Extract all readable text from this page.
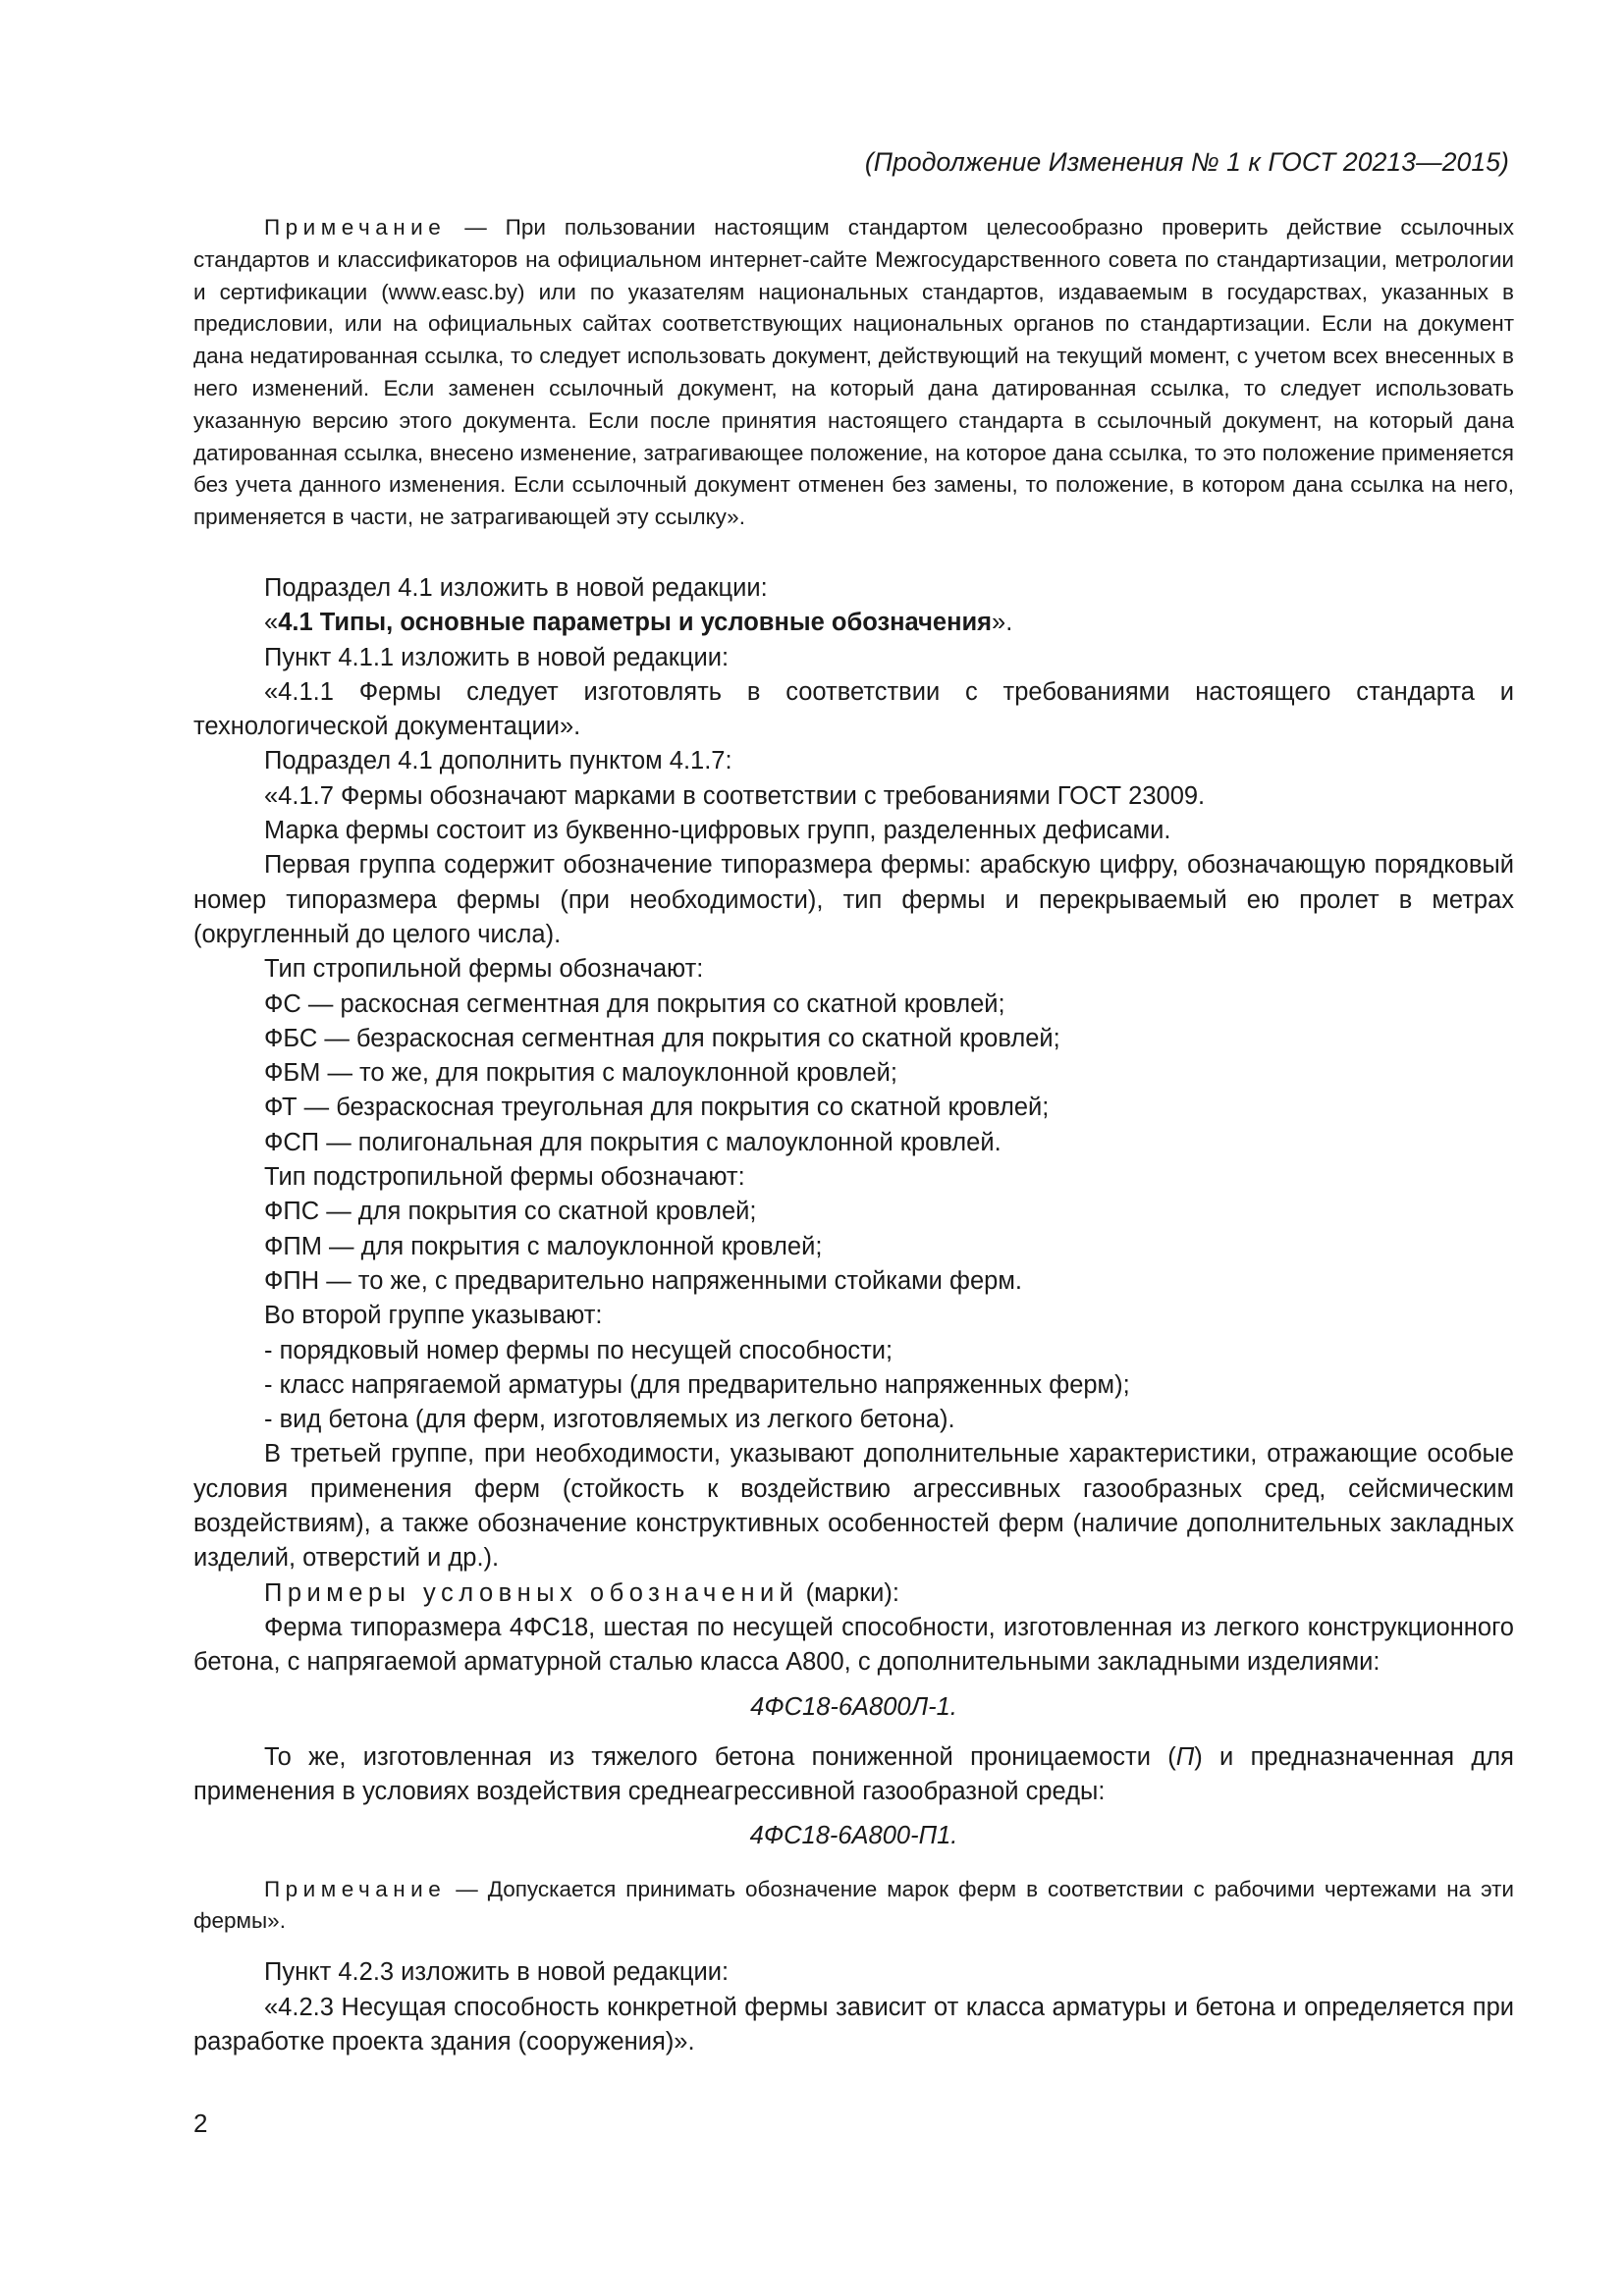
(Продолжение Изменения № 1 к ГОСТ 20213—2015)

Примечание — При пользовании настоящим стандартом целесообразно проверить действие ссылочных стандартов и классификаторов на официальном интернет-сайте Межгосударственного совета по стандартизации, метрологии и сертификации (www.easc.by) или по указателям национальных стандартов, издаваемым в государствах, указанных в предисловии, или на официальных сайтах соответствующих национальных органов по стандартизации. Если на документ дана недатированная ссылка, то следует использовать документ, действующий на текущий момент, с учетом всех внесенных в него изменений. Если заменен ссылочный документ, на который дана датированная ссылка, то следует использовать указанную версию этого документа. Если после принятия настоящего стандарта в ссылочный документ, на который дана датированная ссылка, внесено изменение, затрагивающее положение, на которое дана ссылка, то это положение применяется без учета данного изменения. Если ссылочный документ отменен без замены, то положение, в котором дана ссылка на него, применяется в части, не затрагивающей эту ссылку».

Подраздел 4.1 изложить в новой редакции:

«4.1 Типы, основные параметры и условные обозначения».

Пункт 4.1.1 изложить в новой редакции:

«4.1.1 Фермы следует изготовлять в соответствии с требованиями настоящего стандарта и технологической документации».

Подраздел 4.1 дополнить пунктом 4.1.7:

«4.1.7 Фермы обозначают марками в соответствии с требованиями ГОСТ 23009.

Марка фермы состоит из буквенно-цифровых групп, разделенных дефисами.

Первая группа содержит обозначение типоразмера фермы: арабскую цифру, обозначающую порядковый номер типоразмера фермы (при необходимости), тип фермы и перекрываемый ею пролет в метрах (округленный до целого числа).

Тип стропильной фермы обозначают:

ФС — раскосная сегментная для покрытия со скатной кровлей;

ФБС — безраскосная сегментная для покрытия со скатной кровлей;

ФБМ — то же, для покрытия с малоуклонной кровлей;

ФТ — безраскосная треугольная для покрытия со скатной кровлей;

ФСП — полигональная для покрытия с малоуклонной кровлей.

Тип подстропильной фермы обозначают:

ФПС — для покрытия со скатной кровлей;

ФПМ — для покрытия с малоуклонной кровлей;

ФПН — то же, с предварительно напряженными стойками ферм.

Во второй группе указывают:

- порядковый номер фермы по несущей способности;

- класс напрягаемой арматуры (для предварительно напряженных ферм);

- вид бетона (для ферм, изготовляемых из легкого бетона).

В третьей группе, при необходимости, указывают дополнительные характеристики, отражающие особые условия применения ферм (стойкость к воздействию агрессивных газообразных сред, сейсмическим воздействиям), а также обозначение конструктивных особенностей ферм (наличие дополнительных закладных изделий, отверстий и др.).

Примеры условных обозначений (марки):

Ферма типоразмера 4ФС18, шестая по несущей способности, изготовленная из легкого конструкционного бетона, с напрягаемой арматурной сталью класса А800, с дополнительными закладными изделиями:

4ФС18-6А800Л-1.

То же, изготовленная из тяжелого бетона пониженной проницаемости (П) и предназначенная для применения в условиях воздействия среднеагрессивной газообразной среды:

4ФС18-6А800-П1.

Примечание — Допускается принимать обозначение марок ферм в соответствии с рабочими чертежами на эти фермы».

Пункт 4.2.3 изложить в новой редакции:

«4.2.3 Несущая способность конкретной фермы зависит от класса арматуры и бетона и определяется при разработке проекта здания (сооружения)».

2
